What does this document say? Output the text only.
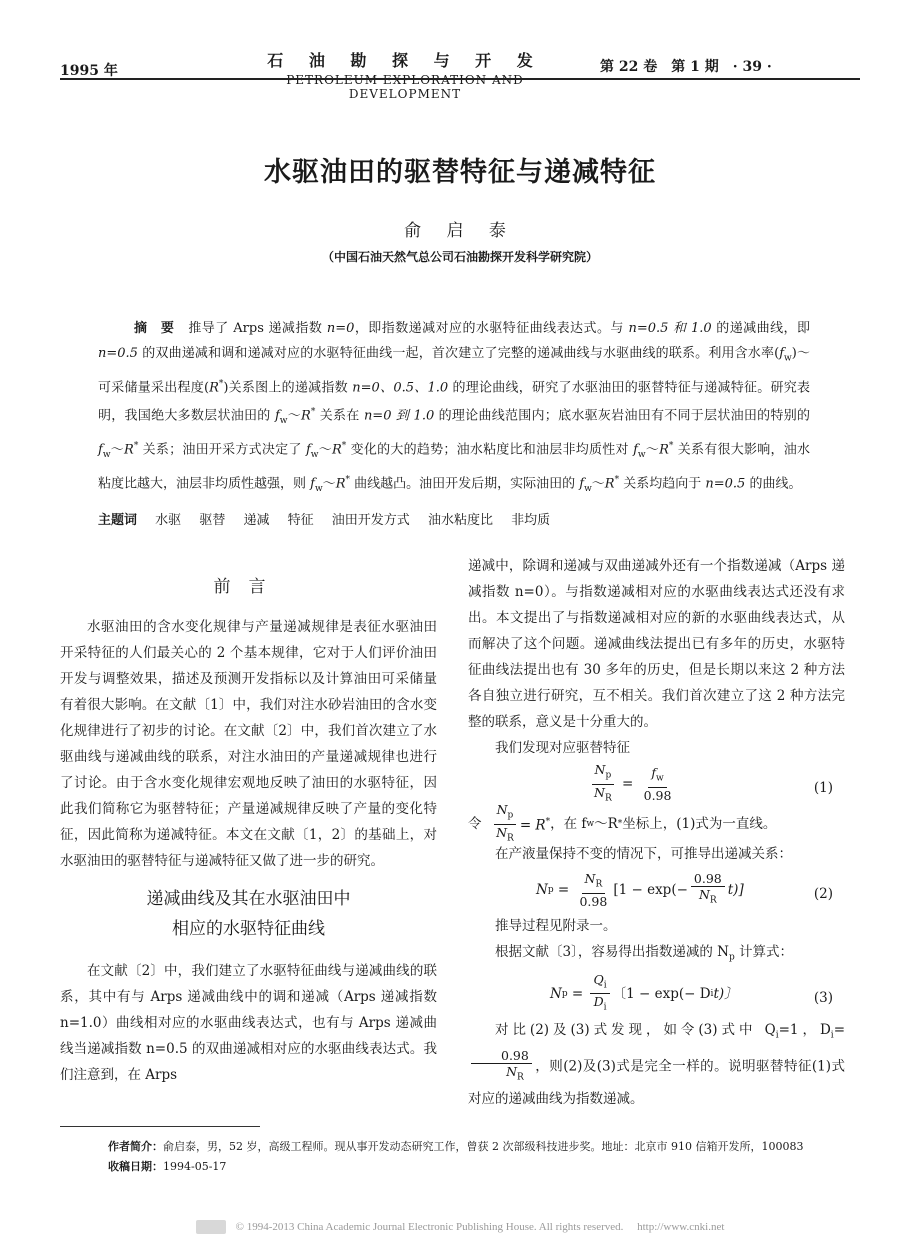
1995 年
石 油 勘 探 与 开 发
PETROLEUM EXPLORATION AND DEVELOPMENT
第 22 卷　第 1 期　· 39 ·
水驱油田的驱替特征与递减特征
俞 启 泰
（中国石油天然气总公司石油勘探开发科学研究院）

摘　要 推导了 Arps 递减指数 n=0，即指数递减对应的水驱特征曲线表达式。与 n=0.5 和 1.0 的递减曲线，即 n=0.5 的双曲递减和调和递减对应的水驱特征曲线一起，首次建立了完整的递减曲线与水驱曲线的联系。利用含水率$(f_w)\sim$可采储量采出程度(R*)关系图上的递减指数 n=0、0.5、1.0 的理论曲线，研究了水驱油田的驱替特征与递减特征。研究表明，我国绝大多数层状油田的 $f_w\sim R^*$ 关系在 n=0 到 1.0 的理论曲线范围内；底水驱灰岩油田有不同于层状油田的特别的 $f_w\sim R^*$ 关系；油田开采方式决定了 $f_w\sim R^*$ 变化的大的趋势；油水粘度比和油层非均质性对 $f_w\sim R^*$ 关系有很大影响，油水粘度比越大，油层非均质性越强，则 $f_w\sim R^*$ 曲线越凸。油田开发后期，实际油田的 $f_w\sim R^*$ 关系均趋向于 n=0.5 的曲线。

主题词 水驱 驱替 递减 特征 油田开发方式 油水粘度比 非均质
前言

水驱油田的含水变化规律与产量递减规律是表征水驱油田开采特征的人们最关心的 2 个基本规律，它对于人们评价油田开发与调整效果，描述及预测开发指标以及计算油田可采储量有着很大影响。在文献〔1〕中，我们对注水砂岩油田的含水变化规律进行了初步的讨论。在文献〔2〕中，我们首次建立了水驱曲线与递减曲线的联系，对注水油田的产量递减规律也进行了讨论。由于含水变化规律宏观地反映了油田的水驱特征，因此我们简称它为驱替特征；产量递减规律反映了产量的变化特征，因此简称为递减特征。本文在文献〔1，2〕的基础上，对水驱油田的驱替特征与递减特征又做了进一步的研究。

递减曲线及其在水驱油田中
相应的水驱特征曲线

在文献〔2〕中，我们建立了水驱特征曲线与递减曲线的联系，其中有与 Arps 递减曲线中的调和递减（Arps 递减指数 n=1.0）曲线相对应的水驱曲线表达式，也有与 Arps 递减曲线当递减指数 n=0.5 的双曲递减相对应的水驱曲线表达式。我们注意到，在 Arps

递减中，除调和递减与双曲递减外还有一个指数递减（Arps 递减指数 n=0）。与指数递减相对应的水驱曲线表达式还没有求出。本文提出了与指数递减相对应的新的水驱曲线表达式，从而解决了这个问题。递减曲线法提出已有多年的历史，水驱特征曲线法提出也有 30 多年的历史，但是长期以来这 2 种方法各自独立进行研究，互不相关。我们首次建立了这 2 种方法完整的联系，意义是十分重大的。

我们发现对应驱替特征

$\frac{N_p}{N_R} = \frac{f_w}{0.98}$	(1)
令
$\frac{N_p}{N_R} = R^*$ ，在 f w ～R * 坐标上，(1)式为一直线。

在产液量保持不变的情况下，可推导出递减关系：

N $p = \frac{N_R}{0.98} [1 - \exp(- \frac{0.98}{N_R} t)]$	(2)

推导过程见附录一。

根据文献〔3〕，容易得出指数递减的 $N_p$ 计算式：

N $p = \frac{Q_i}{D_i}$ 〔1 − exp(− D i t)〕	(3)

对比(2)及(3)式发现，如令(3)式中 $Q_i=1$，$D_i=$
$\frac{0.98}{N_R}$ ，则(2)及(3)式是完全一样的。说明驱替特征(1)式对应的递减曲线为指数递减。

作者简介：俞启泰，男，52 岁，高级工程师。现从事开发动态研究工作，曾获 2 次部级科技进步奖。地址：北京市 910 信箱开发所，100083
收稿日期：1994-05-17
© 1994-2013 China Academic Journal Electronic Publishing House. All rights reserved.　 http://www.cnki.net
